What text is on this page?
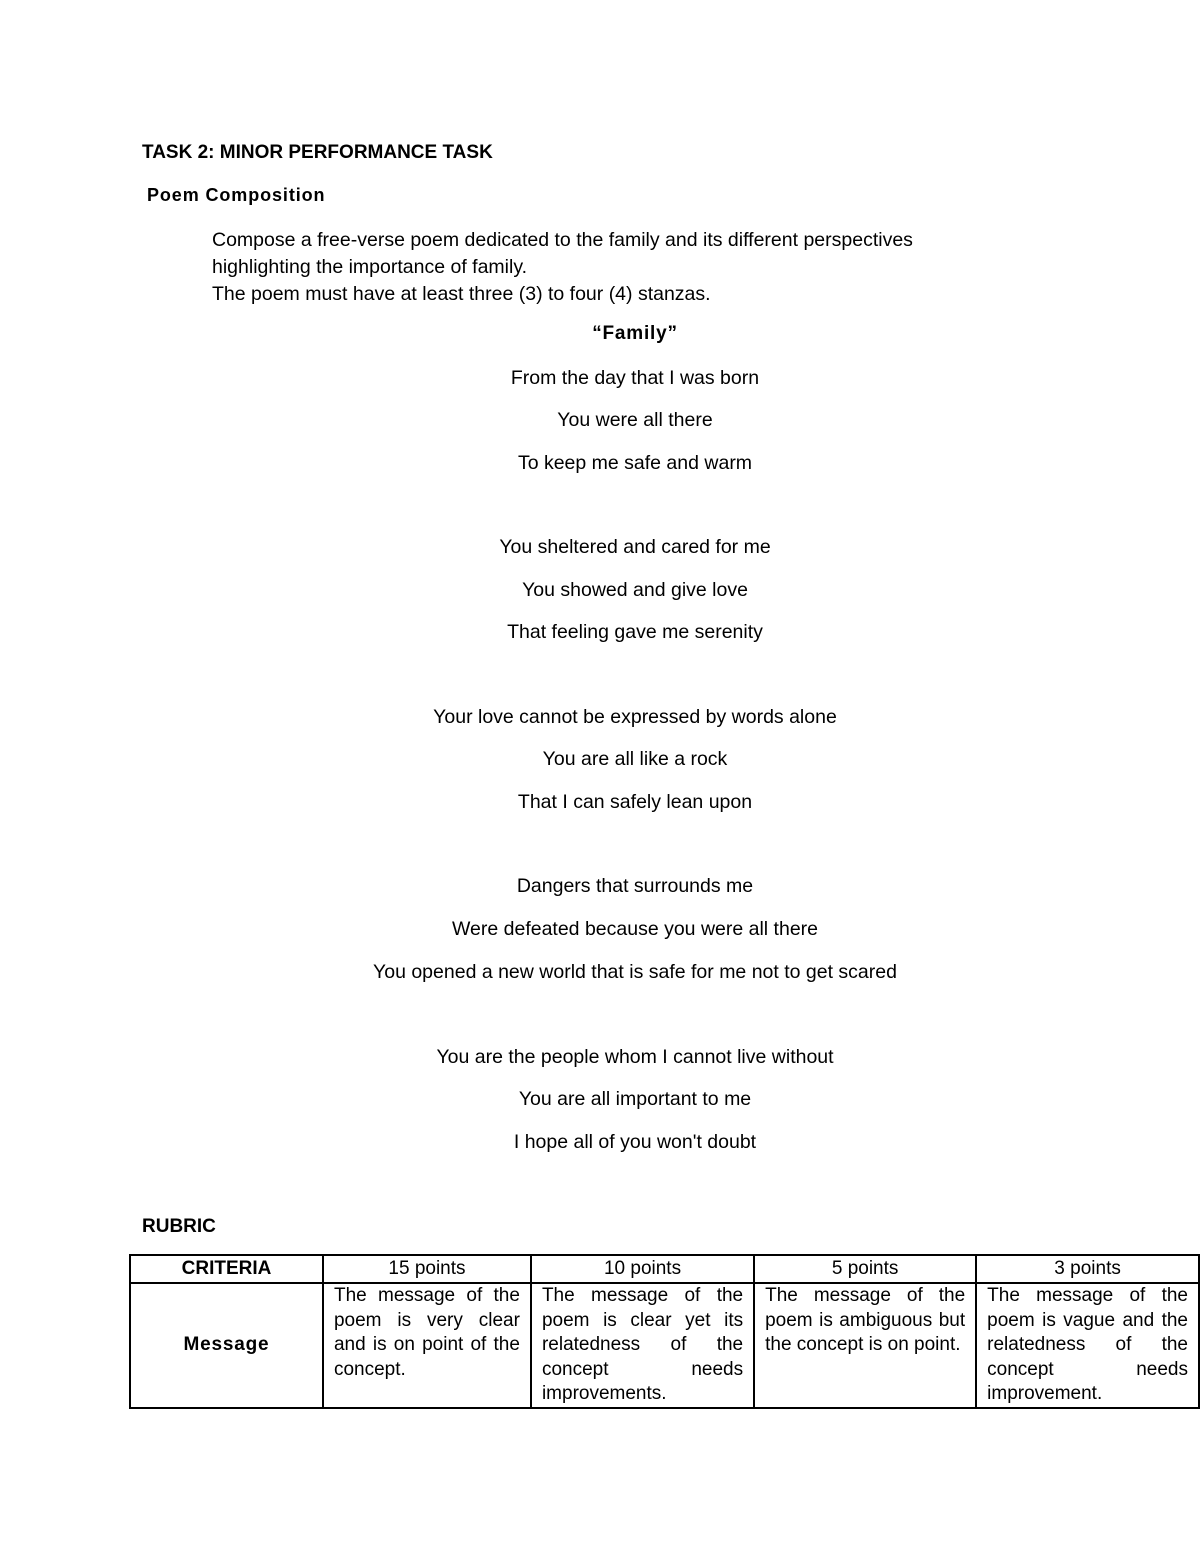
TASK 2: MINOR PERFORMANCE TASK
Poem Composition
Compose a free-verse poem dedicated to the family and its different perspectives
highlighting the importance of family.
The poem must have at least three (3) to four (4) stanzas.
“Family”
From the day that I was born
You were all there
To keep me safe and warm
You sheltered and cared for me
You showed and give love
That feeling gave me serenity
Your love cannot be expressed by words alone
You are all like a rock
That I can safely lean upon
Dangers that surrounds me
Were defeated because you were all there
You opened a new world that is safe for me not to get scared
You are the people whom I cannot live without
You are all important to me
I hope all of you won't doubt
RUBRIC
CRITERIA	15 points	10 points	5 points	3 points
Message	The message of the poem is very clear and is on point of the concept.	The message of the poem is clear yet its relatedness of the concept needs improvements.	The message of the poem is ambiguous but the concept is on point.	The message of the poem is vague and the relatedness of the concept needs improvement.
